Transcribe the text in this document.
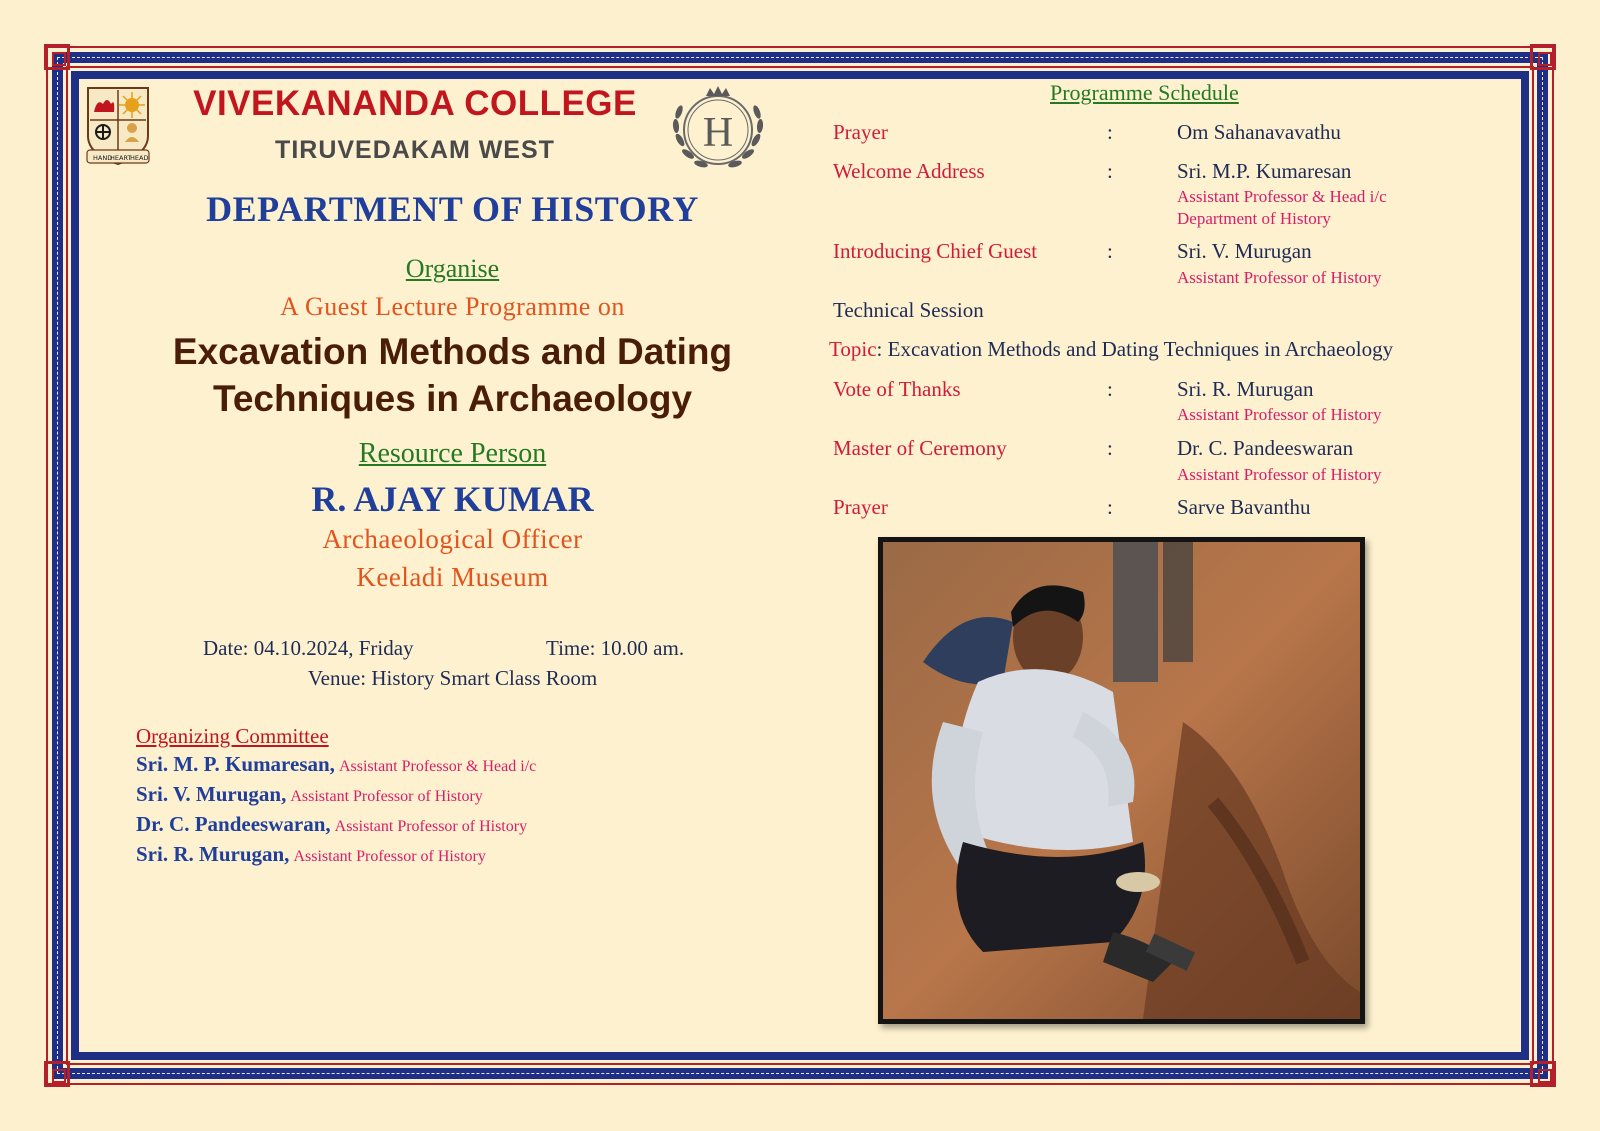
HAND
HEART
HEAD
VIVEKANANDA COLLEGE
TIRUVEDAKAM WEST	H
DEPARTMENT OF HISTORY
Organise
A Guest Lecture Programme on
Excavation Methods and Dating
Techniques in Archaeology
Resource Person
R. AJAY KUMAR
Archaeological Officer
Keeladi Museum
Date: 04.10.2024, Friday	Time: 10.00 am.
Venue: History Smart Class Room
Organizing Committee
Sri. M. P. Kumaresan, Assistant Professor & Head i/c
Sri. V. Murugan, Assistant Professor of History
Dr. C. Pandeeswaran, Assistant Professor of History
Sri. R. Murugan, Assistant Professor of History
Programme Schedule
Prayer	:	Om Sahanavavathu
Welcome Address	:	Sri. M.P. Kumaresan
Assistant Professor & Head i/c
Department of History
Introducing Chief Guest	:	Sri. V. Murugan
Assistant Professor of History
Technical Session
Topic: Excavation Methods and Dating Techniques in Archaeology
Vote of Thanks	:	Sri. R. Murugan
Assistant Professor of History
Master of Ceremony	:	Dr. C. Pandeeswaran
Assistant Professor of History
Prayer	:	Sarve Bavanthu
